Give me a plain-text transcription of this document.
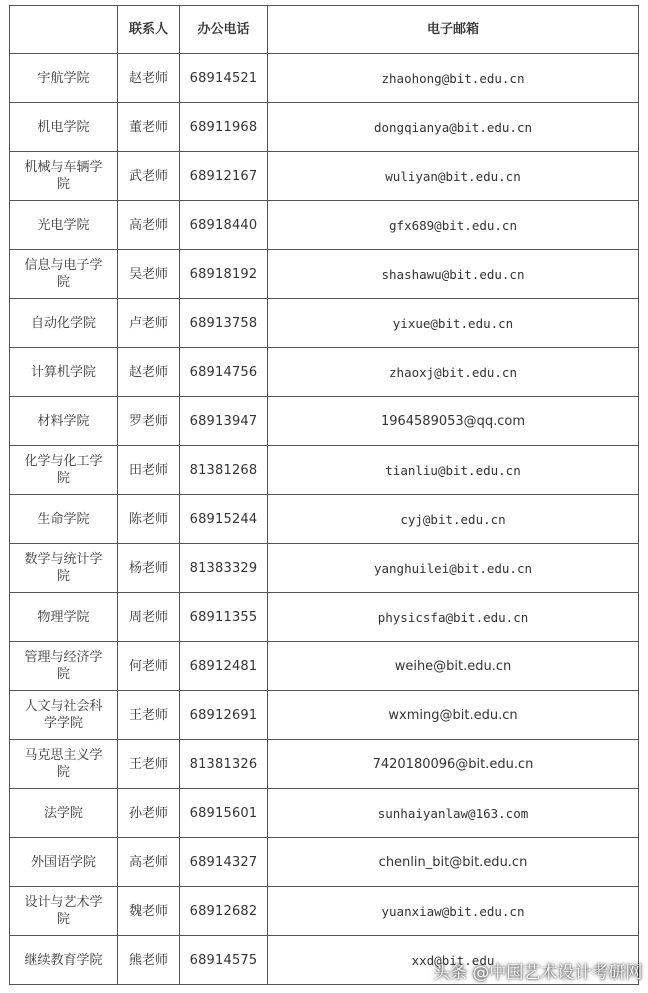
	联系人	办公电话	电子邮箱
宇航学院	赵老师	68914521	zhaohong@bit.edu.cn
机电学院	董老师	68911968	dongqianya@bit.edu.cn
机械与车辆学院	武老师	68912167	wuliyan@bit.edu.cn
光电学院	高老师	68918440	gfx689@bit.edu.cn
信息与电子学院	吴老师	68918192	shashawu@bit.edu.cn
自动化学院	卢老师	68913758	yixue@bit.edu.cn
计算机学院	赵老师	68914756	zhaoxj@bit.edu.cn
材料学院	罗老师	68913947	1964589053@qq.com
化学与化工学院	田老师	81381268	tianliu@bit.edu.cn
生命学院	陈老师	68915244	cyj@bit.edu.cn
数学与统计学院	杨老师	81383329	yanghuilei@bit.edu.cn
物理学院	周老师	68911355	physicsfa@bit.edu.cn
管理与经济学院	何老师	68912481	weihe@bit.edu.cn
人文与社会科学学院	王老师	68912691	wxming@bit.edu.cn
马克思主义学院	王老师	81381326	7420180096@bit.edu.cn
法学院	孙老师	68915601	sunhaiyanlaw@163.com
外国语学院	高老师	68914327	chenlin_bit@bit.edu.cn
设计与艺术学院	魏老师	68912682	yuanxiaw@bit.edu.cn
继续教育学院	熊老师	68914575	xxd@bit.edu
头条 @中国艺术设计考研网
